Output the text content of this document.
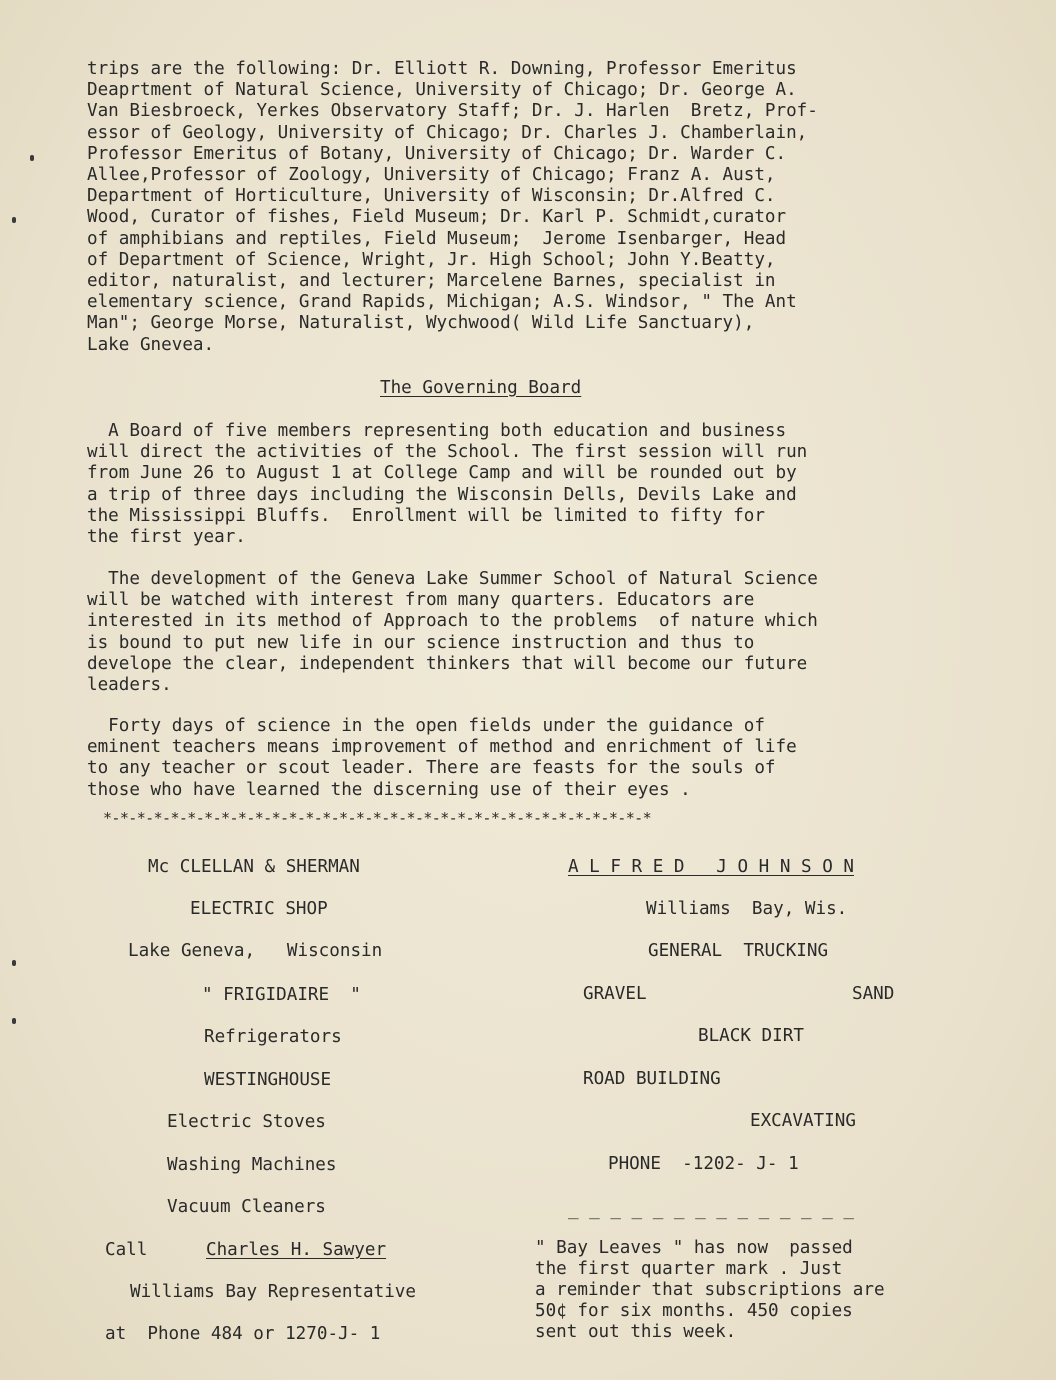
trips are the following: Dr. Elliott R. Downing, Professor Emeritus
Deaprtment of Natural Science, University of Chicago; Dr. George A.
Van Biesbroeck, Yerkes Observatory Staff; Dr. J. Harlen  Bretz, Prof-
essor of Geology, University of Chicago; Dr. Charles J. Chamberlain,
Professor Emeritus of Botany, University of Chicago; Dr. Warder C.
Allee,Professor of Zoology, University of Chicago; Franz A. Aust,
Department of Horticulture, University of Wisconsin; Dr.Alfred C.
Wood, Curator of fishes, Field Museum; Dr. Karl P. Schmidt,curator
of amphibians and reptiles, Field Museum;  Jerome Isenbarger, Head
of Department of Science, Wright, Jr. High School; John Y.Beatty,
editor, naturalist, and lecturer; Marcelene Barnes, specialist in
elementary science, Grand Rapids, Michigan; A.S. Windsor, " The Ant
Man"; George Morse, Naturalist, Wychwood( Wild Life Sanctuary),
Lake Gnevea.
The Governing Board
A Board of five members representing both education and business
will direct the activities of the School. The first session will run
from June 26 to August 1 at College Camp and will be rounded out by
a trip of three days including the Wisconsin Dells, Devils Lake and
the Mississippi Bluffs.  Enrollment will be limited to fifty for
the first year.
The development of the Geneva Lake Summer School of Natural Science
will be watched with interest from many quarters. Educators are
interested in its method of Approach to the problems  of nature which
is bound to put new life in our science instruction and thus to
develope the clear, independent thinkers that will become our future
leaders.
Forty days of science in the open fields under the guidance of
eminent teachers means improvement of method and enrichment of life
to any teacher or scout leader. There are feasts for the souls of
those who have learned the discerning use of their eyes .
*-*-*-*-*-*-*-*-*-*-*-*-*-*-*-*-*-*-*-*-*-*-*-*-*-*-*-*-*-*-*-*-*
Mc CLELLAN & SHERMAN
ELECTRIC SHOP
Lake Geneva,   Wisconsin
" FRIGIDAIRE  "
Refrigerators
WESTINGHOUSE
Electric Stoves
Washing Machines
Vacuum Cleaners
Call	Charles H. Sawyer
Williams Bay Representative
at  Phone 484 or 1270-J- 1
A L F R E D   J O H N S O N
Williams  Bay, Wis.
GENERAL  TRUCKING
GRAVEL	SAND
BLACK DIRT
ROAD BUILDING
EXCAVATING
PHONE  -1202- J- 1
_ _ _ _ _ _ _ _ _ _ _ _ _ _
" Bay Leaves " has now  passed
the first quarter mark . Just
a reminder that subscriptions are
50¢ for six months. 450 copies
sent out this week.
